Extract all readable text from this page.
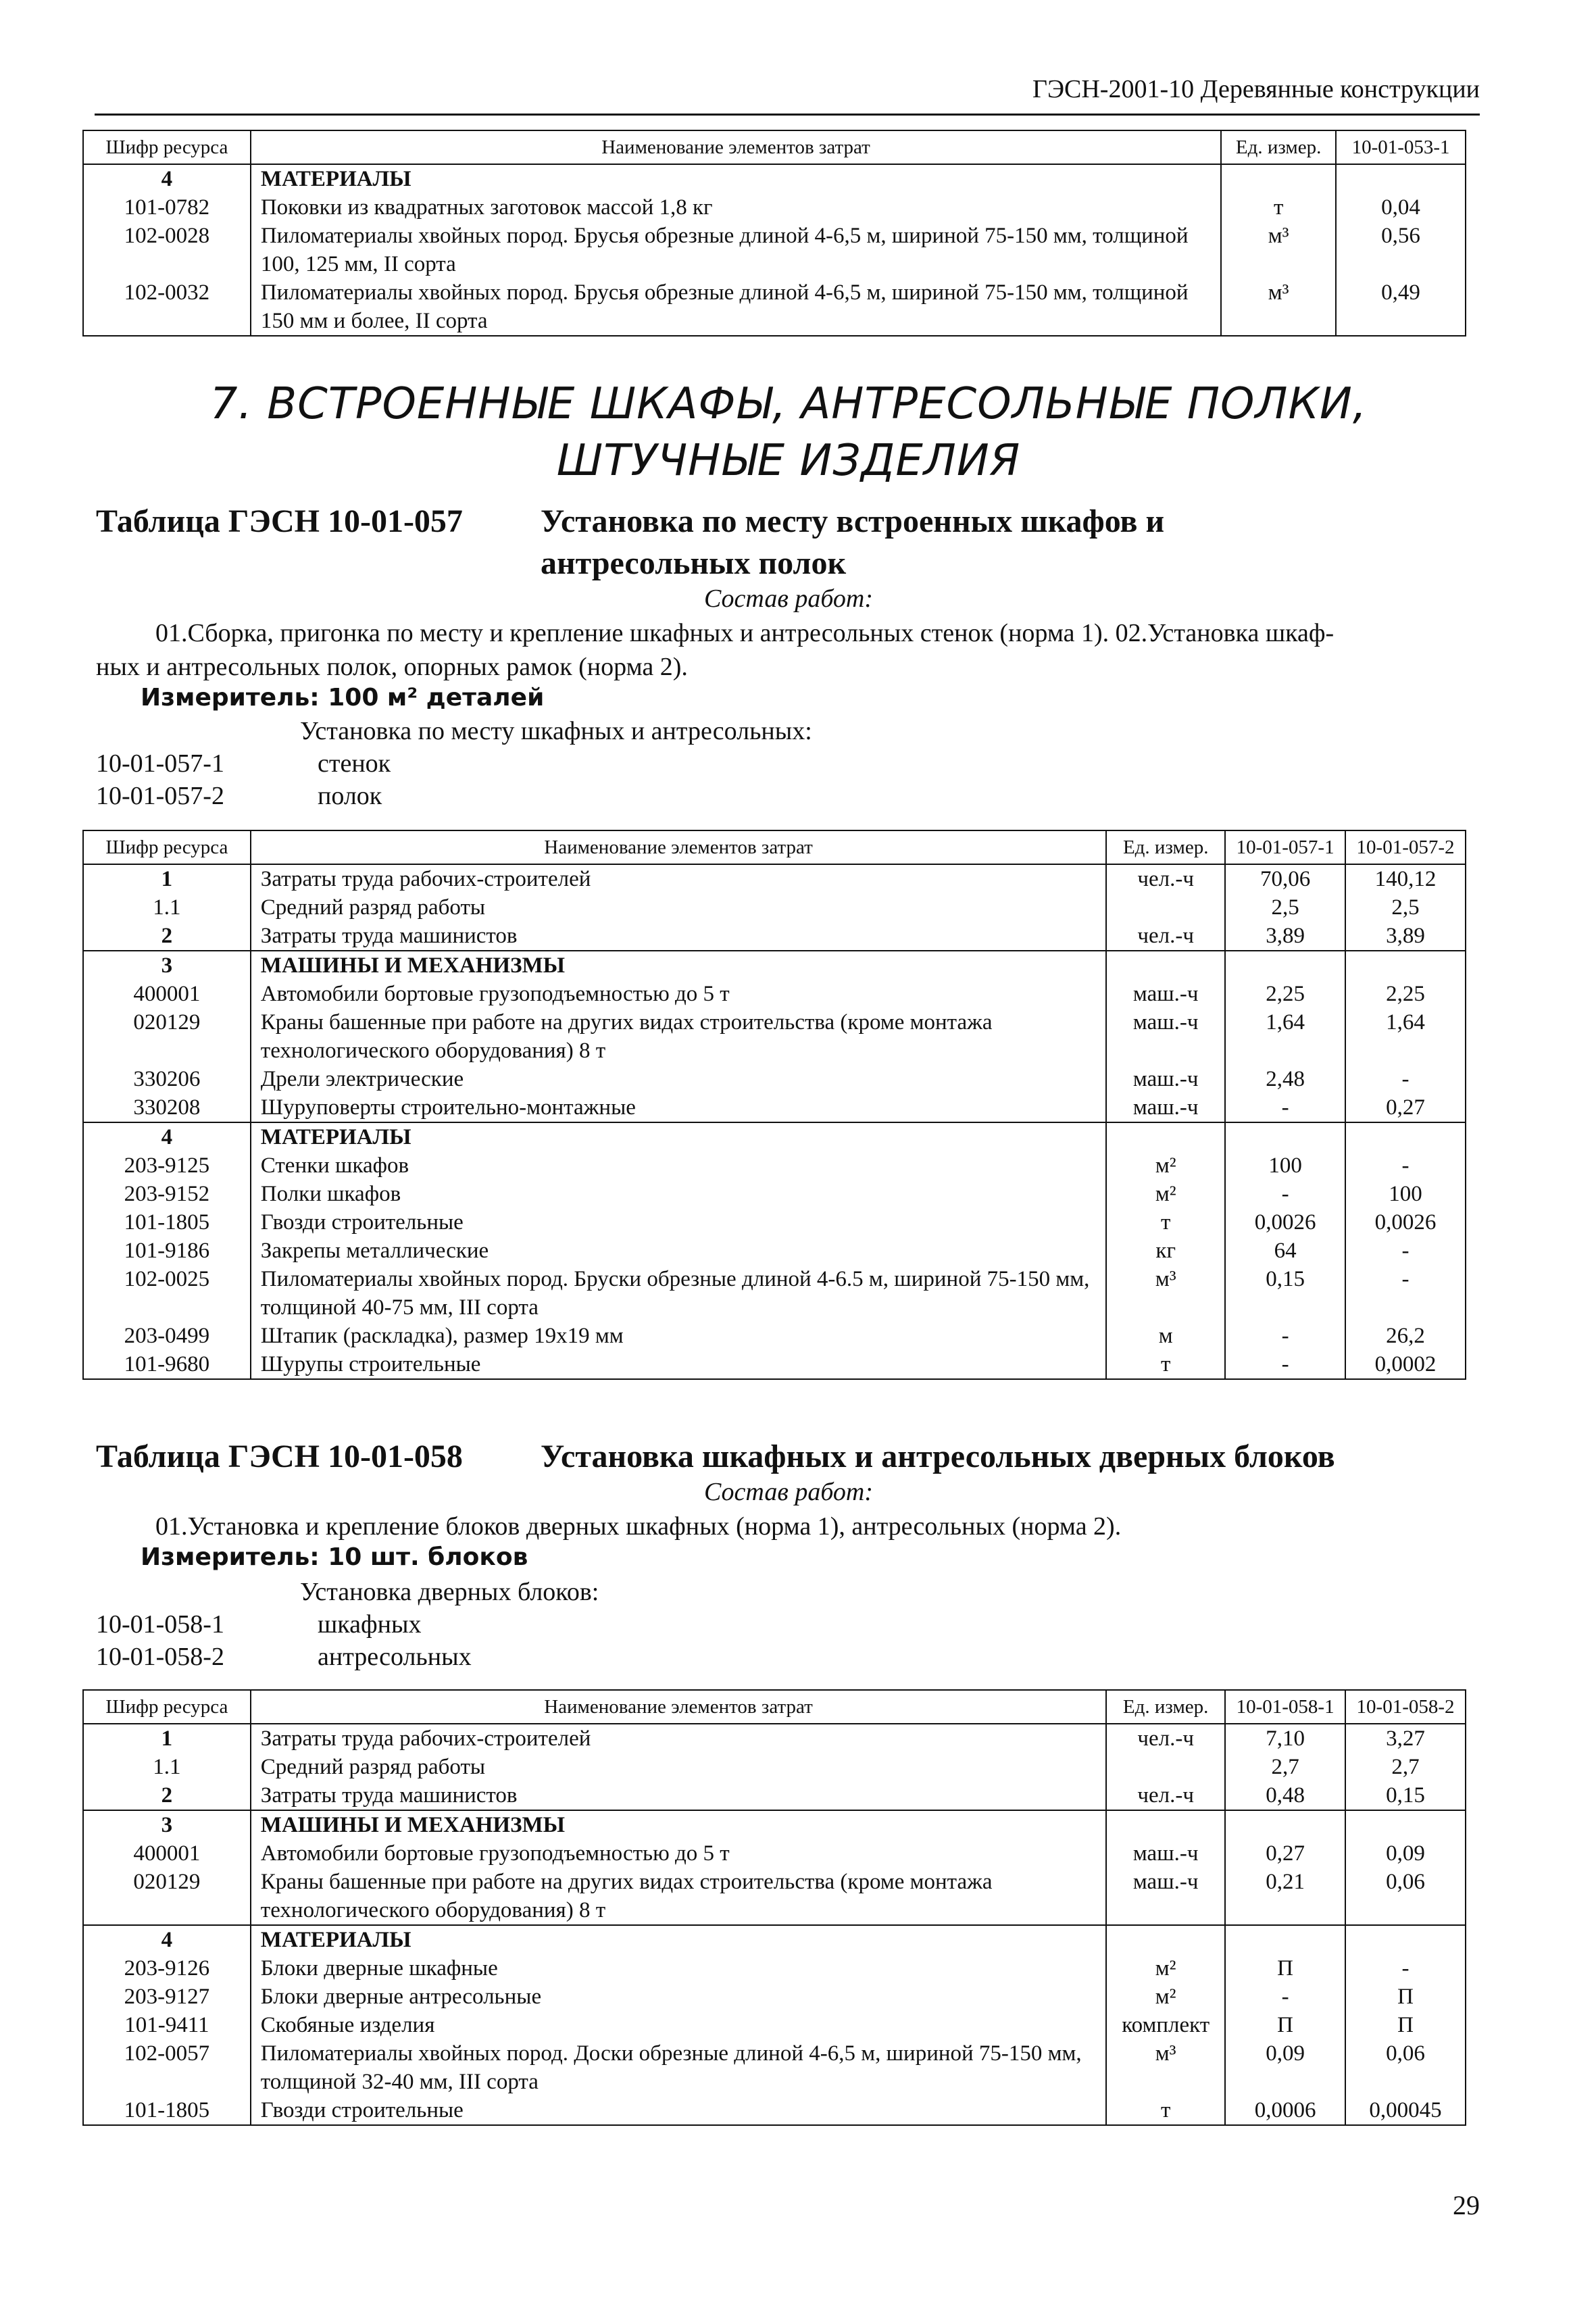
ГЭСН-2001-10 Деревянные конструкции
Шифр ресурса	Наименование элементов затрат	Ед. измер.	10-01-053-1
4	МАТЕРИАЛЫ		
101-0782	Поковки из квадратных заготовок массой 1,8 кг	т	0,04
102-0028	Пиломатериалы хвойных пород. Брусья обрезные длиной 4-6,5 м, шириной 75-150 мм, толщиной 100, 125 мм, II сорта	м³	0,56
102-0032	Пиломатериалы хвойных пород. Брусья обрезные длиной 4-6,5 м, шириной 75-150 мм, толщиной 150 мм и более, II сорта	м³	0,49
7. ВСТРОЕННЫЕ ШКАФЫ, АНТРЕСОЛЬНЫЕ ПОЛКИ,
ШТУЧНЫЕ ИЗДЕЛИЯ
Таблица ГЭСН 10-01-057 Установка по месту встроенных шкафов и
антресольных полок
Состав работ:
01.Сборка, пригонка по месту и крепление шкафных и антресольных стенок (норма 1). 02.Установка шкаф-
ных и антресольных полок, опорных рамок (норма 2).
Измеритель: 100 м² деталей
Установка по месту шкафных и антресольных:
10-01-057-1	стенок
10-01-057-2	полок
Шифр ресурса	Наименование элементов затрат	Ед. измер.	10-01-057-1	10-01-057-2
1	Затраты труда рабочих-строителей	чел.-ч	70,06	140,12
1.1	Средний разряд работы		2,5	2,5
2	Затраты труда машинистов	чел.-ч	3,89	3,89
3	МАШИНЫ И МЕХАНИЗМЫ			
400001	Автомобили бортовые грузоподъемностью до 5 т	маш.-ч	2,25	2,25
020129	Краны башенные при работе на других видах строительства (кроме монтажа технологического оборудования) 8 т	маш.-ч	1,64	1,64
330206	Дрели электрические	маш.-ч	2,48	-
330208	Шуруповерты строительно-монтажные	маш.-ч	-	0,27
4	МАТЕРИАЛЫ			
203-9125	Стенки шкафов	м²	100	-
203-9152	Полки шкафов	м²	-	100
101-1805	Гвозди строительные	т	0,0026	0,0026
101-9186	Закрепы металлические	кг	64	-
102-0025	Пиломатериалы хвойных пород. Бруски обрезные длиной 4-6.5 м, шириной 75-150 мм, толщиной 40-75 мм, III сорта	м³	0,15	-
203-0499	Штапик (раскладка), размер 19х19 мм	м	-	26,2
101-9680	Шурупы строительные	т	-	0,0002
Таблица ГЭСН 10-01-058 Установка шкафных и антресольных дверных блоков
Состав работ:
01.Установка и крепление блоков дверных шкафных (норма 1), антресольных (норма 2).
Измеритель: 10 шт. блоков
Установка дверных блоков:
10-01-058-1	шкафных
10-01-058-2	антресольных
Шифр ресурса	Наименование элементов затрат	Ед. измер.	10-01-058-1	10-01-058-2
1	Затраты труда рабочих-строителей	чел.-ч	7,10	3,27
1.1	Средний разряд работы		2,7	2,7
2	Затраты труда машинистов	чел.-ч	0,48	0,15
3	МАШИНЫ И МЕХАНИЗМЫ			
400001	Автомобили бортовые грузоподъемностью до 5 т	маш.-ч	0,27	0,09
020129	Краны башенные при работе на других видах строительства (кроме монтажа технологического оборудования) 8 т	маш.-ч	0,21	0,06
4	МАТЕРИАЛЫ			
203-9126	Блоки дверные шкафные	м²	П	-
203-9127	Блоки дверные антресольные	м²	-	П
101-9411	Скобяные изделия	комплект	П	П
102-0057	Пиломатериалы хвойных пород. Доски обрезные длиной 4-6,5 м, шириной 75-150 мм, толщиной 32-40 мм, III сорта	м³	0,09	0,06
101-1805	Гвозди строительные	т	0,0006	0,00045
29
